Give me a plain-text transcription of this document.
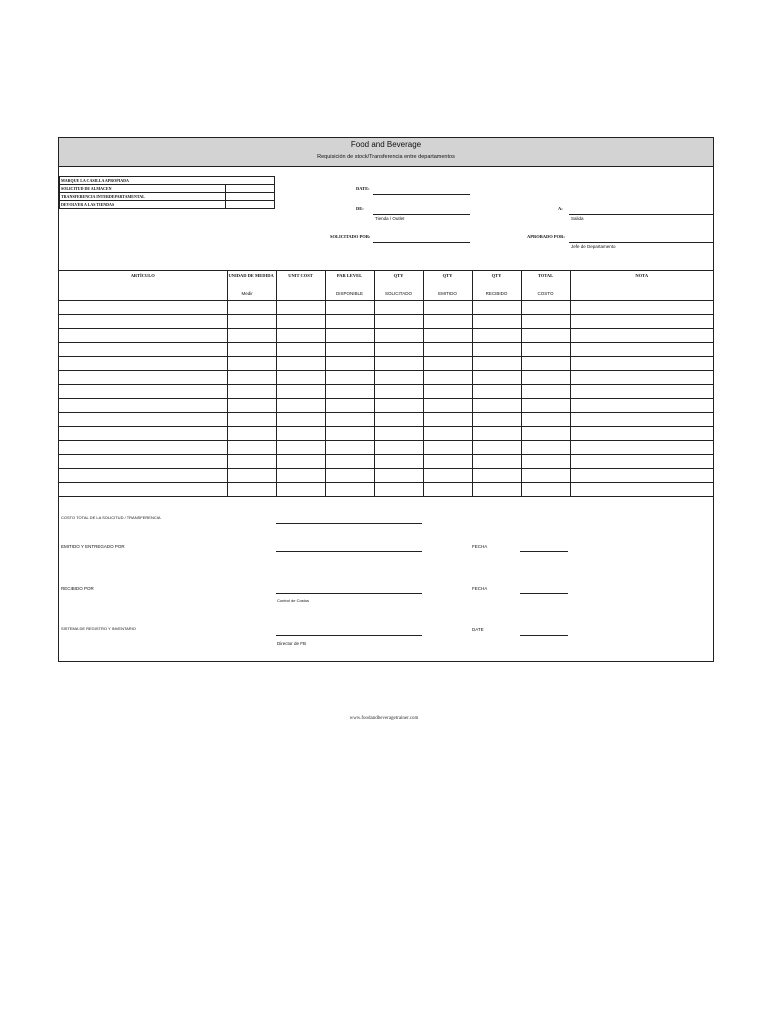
Food and Beverage
Requisición de stock/Transferencia entre departamentos
MARQUE LA CASILLA APROPIADA	
SOLICITUD DE ALMACEN	
TRANSFERENCIA INTERDEPARTAMENTAL	
DEVOLVER A LAS TIENDAS	
DATE:
DE:
Tienda / Outlet
A:
Salida
SOLICITADO POR:	APROBADO POR:
Jefe de Departamento
ARTÍCULO	UNIDAD DE MEDIDA	UNIT COST	PAR LEVEL	QTY	QTY	QTY	TOTAL	NOTA
	Medir		DISPONIBLE	SOLICITADO	EMITIDO	RECIBIDO	COSTO	

COSTO TOTAL DE LA SOLICITUD / TRANSFERENCIA
EMITIDO Y ENTREGADO POR	FECHA
RECIBIDO POR	FECHA
Control de Costos
SISTEMA DE REGISTRO Y INVENTARIO	DATE
Director de FB
www.foodandbeveragetrainer.com
